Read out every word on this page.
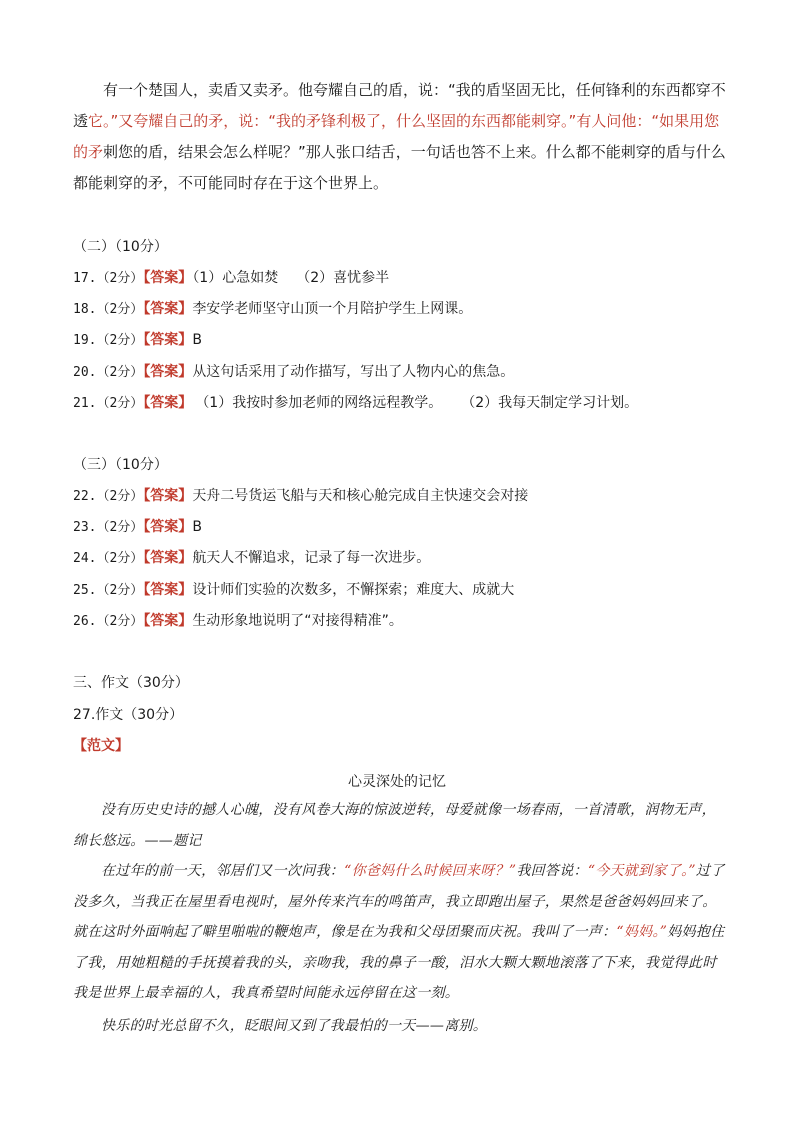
有一个楚国人，卖盾又卖矛。他夸耀自己的盾，说：“我的盾坚固无比，任何锋利的东西都穿不透它。”又夸耀自己的矛，说：“我的矛锋利极了，什么坚固的东西都能刺穿。”有人问他：“如果用您的矛刺您的盾，结果会怎么样呢？”那人张口结舌，一句话也答不上来。什么都不能刺穿的盾与什么都能刺穿的矛，不可能同时存在于这个世界上。

（二）（10分）

17.（2分）【答案】（1）心急如焚 （2）喜忧参半

18.（2分）【答案】李安学老师坚守山顶一个月陪护学生上网课。

19.（2分）【答案】B

20.（2分）【答案】从这句话采用了动作描写，写出了人物内心的焦急。

21.（2分）【答案】 （1）我按时参加老师的网络远程教学。 （2）我每天制定学习计划。

（三）（10分）

22.（2分）【答案】天舟二号货运飞船与天和核心舱完成自主快速交会对接

23.（2分）【答案】B

24.（2分）【答案】航天人不懈追求，记录了每一次进步。

25.（2分）【答案】设计师们实验的次数多，不懈探索；难度大、成就大

26.（2分）【答案】生动形象地说明了“对接得精准”。

三、作文（30分）

27.作文（30分）

【范文】

心灵深处的记忆

没有历史史诗的撼人心魄，没有风卷大海的惊波逆转，母爱就像一场春雨，一首清歌，润物无声，绵长悠远。——题记

在过年的前一天，邻居们又一次问我：“你爸妈什么时候回来呀？”我回答说：“今天就到家了。”过了没多久，当我正在屋里看电视时，屋外传来汽车的鸣笛声，我立即跑出屋子，果然是爸爸妈妈回来了。就在这时外面响起了噼里啪啦的鞭炮声，像是在为我和父母团聚而庆祝。我叫了一声：“妈妈。”妈妈抱住了我，用她粗糙的手抚摸着我的头，亲吻我，我的鼻子一酸，泪水大颗大颗地滚落了下来，我觉得此时我是世界上最幸福的人，我真希望时间能永远停留在这一刻。

快乐的时光总留不久，眨眼间又到了我最怕的一天——离别。
